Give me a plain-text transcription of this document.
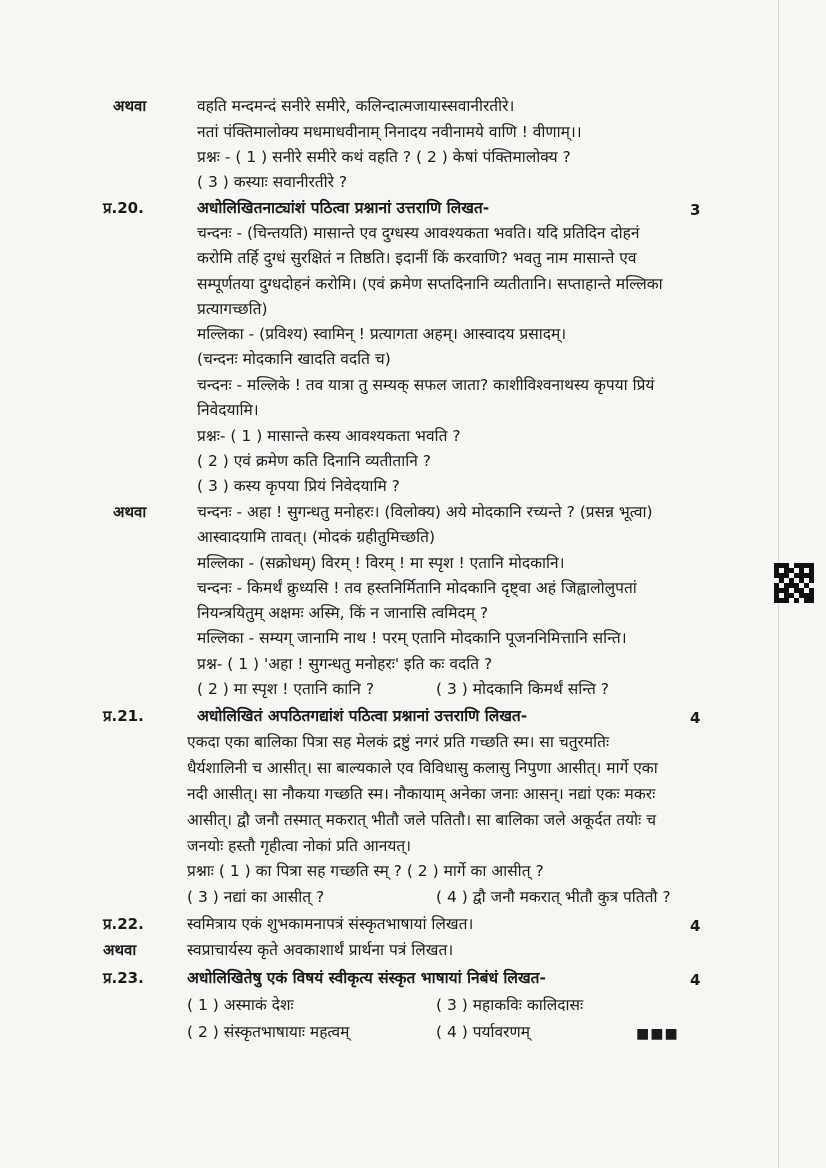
अथवा	वहति मन्दमन्दं सनीरे समीरे, कलिन्दात्मजायास्सवानीरतीरे।
नतां पंक्तिमालोक्य मधमाधवीनाम् निनादय नवीनामये वाणि ! वीणाम्।।
प्रश्नः - ( 1 ) सनीरे समीरे कथं वहति ? ( 2 ) केषां पंक्तिमालोक्य ?
( 3 ) कस्याः सवानीरतीरे ?
प्र.20.	अधोलिखितनाट्यांशं पठित्वा प्रश्नानां उत्तराणि लिखत-	3
चन्दनः - (चिन्तयति) मासान्ते एव दुग्धस्य आवश्यकता भवति। यदि प्रतिदिन दोहनं
करोमि तर्हि दुग्धं सुरक्षितं न तिष्ठति। इदानीं किं करवाणि? भवतु नाम मासान्ते एव
सम्पूर्णतया दुग्धदोहनं करोमि। (एवं क्रमेण सप्तदिनानि व्यतीतानि। सप्ताहान्ते मल्लिका
प्रत्यागच्छति)
मल्लिका - (प्रविश्य) स्वामिन् ! प्रत्यागता अहम्। आस्वादय प्रसादम्।
(चन्दनः मोदकानि खादति वदति च)
चन्दनः - मल्लिके ! तव यात्रा तु सम्यक् सफल जाता? काशीविश्वनाथस्य कृपया प्रियं
निवेदयामि।
प्रश्नः- ( 1 ) मासान्ते कस्य आवश्यकता भवति ?
( 2 ) एवं क्रमेण कति दिनानि व्यतीतानि ?
( 3 ) कस्य कृपया प्रियं निवेदयामि ?
अथवा	चन्दनः - अहा ! सुगन्धतु मनोहरः। (विलोक्य) अये मोदकानि रच्यन्ते ? (प्रसन्न भूत्वा)
आस्वादयामि तावत्। (मोदकं ग्रहीतुमिच्छति)
मल्लिका - (सक्रोधम्) विरम् ! विरम् ! मा स्पृश ! एतानि मोदकानि।
चन्दनः - किमर्थं क्रुध्यसि ! तव हस्तनिर्मितानि मोदकानि दृष्ट्वा अहं जिह्वालोलुपतां
नियन्त्रयितुम् अक्षमः अस्मि, किं न जानासि त्वमिदम् ?
मल्लिका - सम्यग् जानामि नाथ ! परम् एतानि मोदकानि पूजननिमित्तानि सन्ति।
प्रश्न- ( 1 ) 'अहा ! सुगन्धतु मनोहरः' इति कः वदति ?
( 2 ) मा स्पृश ! एतानि कानि ?	( 3 ) मोदकानि किमर्थं सन्ति ?
प्र.21.	अधोलिखितं अपठितगद्यांशं पठित्वा प्रश्नानां उत्तराणि लिखत-	4
एकदा एका बालिका पित्रा सह मेलकं द्रष्टुं नगरं प्रति गच्छति स्म। सा चतुरमतिः
धैर्यशालिनी च आसीत्। सा बाल्यकाले एव विविधासु कलासु निपुणा आसीत्। मार्गे एका
नदी आसीत्। सा नौकया गच्छति स्म। नौकायाम् अनेका जनाः आसन्। नद्यां एकः मकरः
आसीत्। द्वौ जनौ तस्मात् मकरात् भीतौ जले पतितौ। सा बालिका जले अकूर्दत तयोः च
जनयोः हस्तौ गृहीत्वा नोकां प्रति आनयत्।
प्रश्नाः ( 1 ) का पित्रा सह गच्छति स्म् ? ( 2 ) मार्गे का आसीत् ?
( 3 ) नद्यां का आसीत् ?	( 4 ) द्वौ जनौ मकरात् भीतौ कुत्र पतितौ ?
प्र.22.	स्वमित्राय एकं शुभकामनापत्रं संस्कृतभाषायां लिखत।	4
अथवा	स्वप्राचार्यस्य कृते अवकाशार्थं प्रार्थना पत्रं लिखत।
प्र.23.	अधोलिखितेषु एकं विषयं स्वीकृत्य संस्कृत भाषायां निबंधं लिखत-	4
( 1 ) अस्माकं देशः	( 3 ) महाकविः कालिदासः
( 2 ) संस्कृतभाषायाः महत्वम्	( 4 ) पर्यावरणम्	■■■
